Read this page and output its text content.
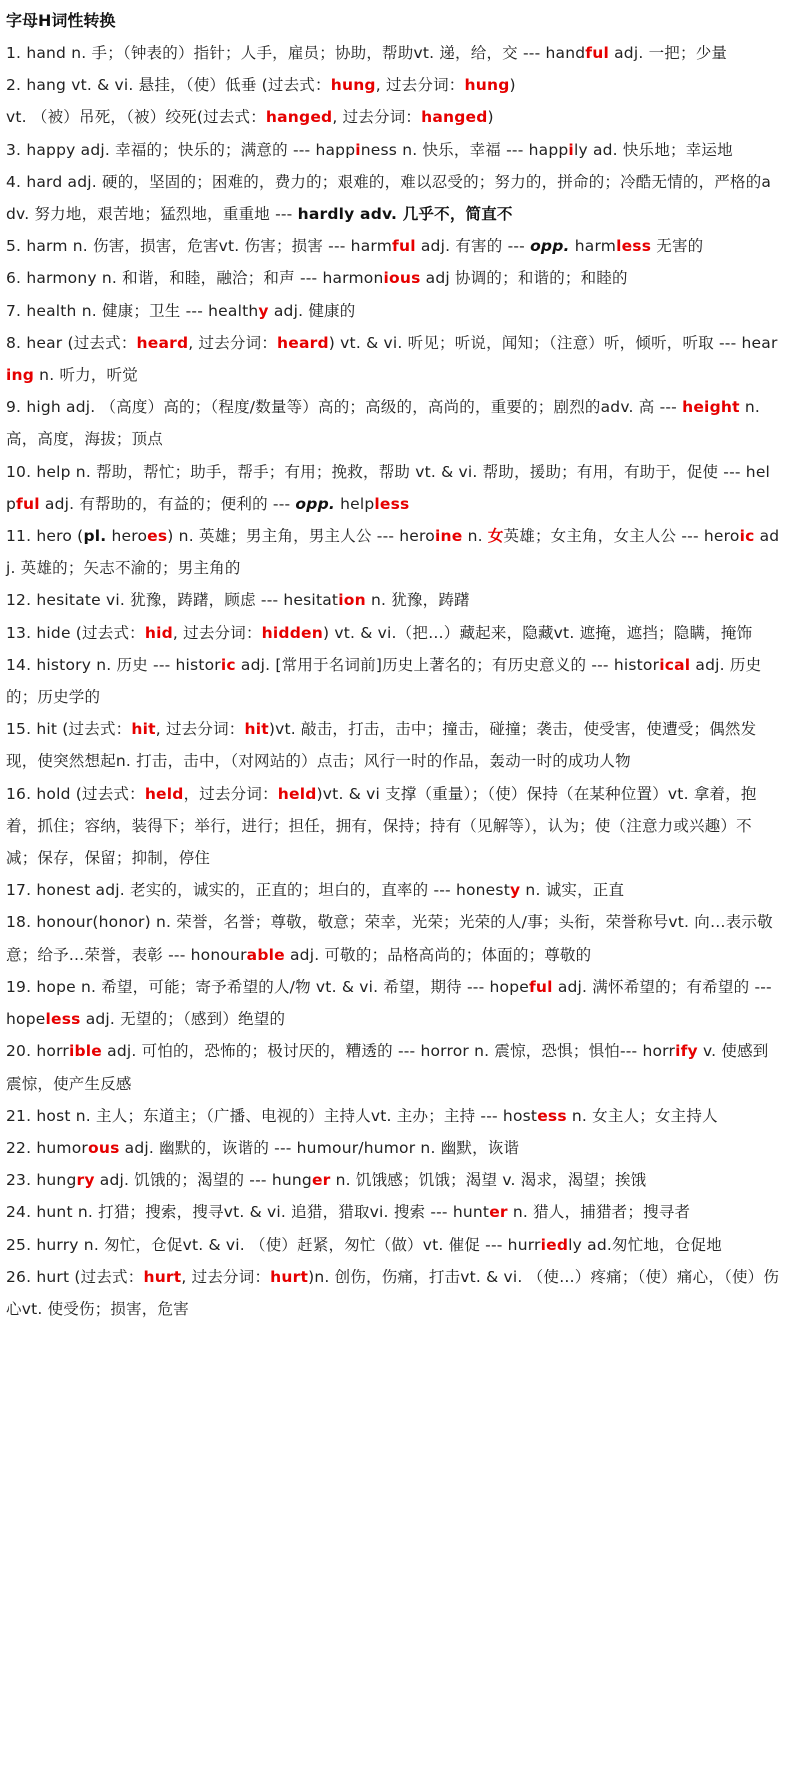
字母H词性转换

1. hand n. 手；（钟表的）指针；人手，雇员；协助，帮助vt. 递，给，交 --- handful adj. 一把；少量

2. hang vt. & vi. 悬挂，（使）低垂 (过去式：hung, 过去分词：hung)

vt. （被）吊死，（被）绞死(过去式：hanged, 过去分词：hanged)

3. happy adj. 幸福的；快乐的；满意的 --- happiness n. 快乐，幸福 --- happily ad. 快乐地；幸运地

4. hard adj. 硬的，坚固的；困难的，费力的；艰难的，难以忍受的；努力的，拼命的；冷酷无情的，严格的adv. 努力地，艰苦地；猛烈地，重重地 --- hardly adv. 几乎不，简直不

5. harm n. 伤害，损害，危害vt. 伤害；损害 --- harmful adj. 有害的 --- opp. harmless 无害的

6. harmony n. 和谐，和睦，融洽；和声 --- harmonious adj 协调的；和谐的；和睦的

7. health n. 健康；卫生 --- healthy adj. 健康的

8. hear (过去式：heard, 过去分词：heard) vt. & vi. 听见；听说，闻知；（注意）听，倾听，听取 --- hearing n. 听力，听觉

9. high adj. （高度）高的；（程度/数量等）高的；高级的，高尚的，重要的；剧烈的adv. 高 --- height n. 高，高度，海拔；顶点

10. help n. 帮助，帮忙；助手，帮手；有用；挽救，帮助 vt. & vi. 帮助，援助；有用，有助于，促使 --- helpful adj. 有帮助的，有益的；便利的 --- opp. helpless

11. hero (pl. heroes) n. 英雄；男主角，男主人公 --- heroine n. 女英雄；女主角，女主人公 --- heroic adj. 英雄的；矢志不渝的；男主角的

12. hesitate vi. 犹豫，踌躇，顾虑 --- hesitation n. 犹豫，踌躇

13. hide (过去式：hid, 过去分词：hidden) vt. & vi.（把…）藏起来，隐藏vt. 遮掩，遮挡；隐瞒，掩饰

14. history n. 历史 --- historic adj. [常用于名词前]历史上著名的；有历史意义的 --- historical adj. 历史的；历史学的

15. hit (过去式：hit, 过去分词：hit)vt. 敲击，打击，击中；撞击，碰撞；袭击，使受害，使遭受；偶然发现，使突然想起n. 打击，击中，（对网站的）点击；风行一时的作品，轰动一时的成功人物

16. hold (过去式：held，过去分词：held)vt. & vi 支撑（重量）；（使）保持（在某种位置）vt. 拿着，抱着，抓住；容纳，装得下；举行，进行；担任，拥有，保持；持有（见解等），认为；使（注意力或兴趣）不减；保存，保留；抑制，停住

17. honest adj. 老实的，诚实的，正直的；坦白的，直率的 --- honesty n. 诚实，正直

18. honour(honor) n. 荣誉，名誉；尊敬，敬意；荣幸，光荣；光荣的人/事；头衔，荣誉称号vt. 向…表示敬意；给予…荣誉，表彰 --- honourable adj. 可敬的；品格高尚的；体面的；尊敬的

19. hope n. 希望，可能；寄予希望的人/物 vt. & vi. 希望，期待 --- hopeful adj. 满怀希望的；有希望的 --- hopeless adj. 无望的；（感到）绝望的

20. horrible adj. 可怕的，恐怖的；极讨厌的，糟透的 --- horror n. 震惊，恐惧；惧怕--- horrify v. 使感到震惊，使产生反感

21. host n. 主人；东道主；（广播、电视的）主持人vt. 主办；主持 --- hostess n. 女主人；女主持人

22. humorous adj. 幽默的，诙谐的 --- humour/humor n. 幽默，诙谐

23. hungry adj. 饥饿的；渴望的 --- hunger n. 饥饿感；饥饿；渴望 v. 渴求，渴望；挨饿

24. hunt n. 打猎；搜索，搜寻vt. & vi. 追猎，猎取vi. 搜索 --- hunter n. 猎人，捕猎者；搜寻者

25. hurry n. 匆忙，仓促vt. & vi. （使）赶紧，匆忙（做）vt. 催促 --- hurriedly ad.匆忙地，仓促地

26. hurt (过去式：hurt, 过去分词：hurt)n. 创伤，伤痛，打击vt. & vi. （使…）疼痛；（使）痛心，（使）伤心vt. 使受伤；损害，危害
